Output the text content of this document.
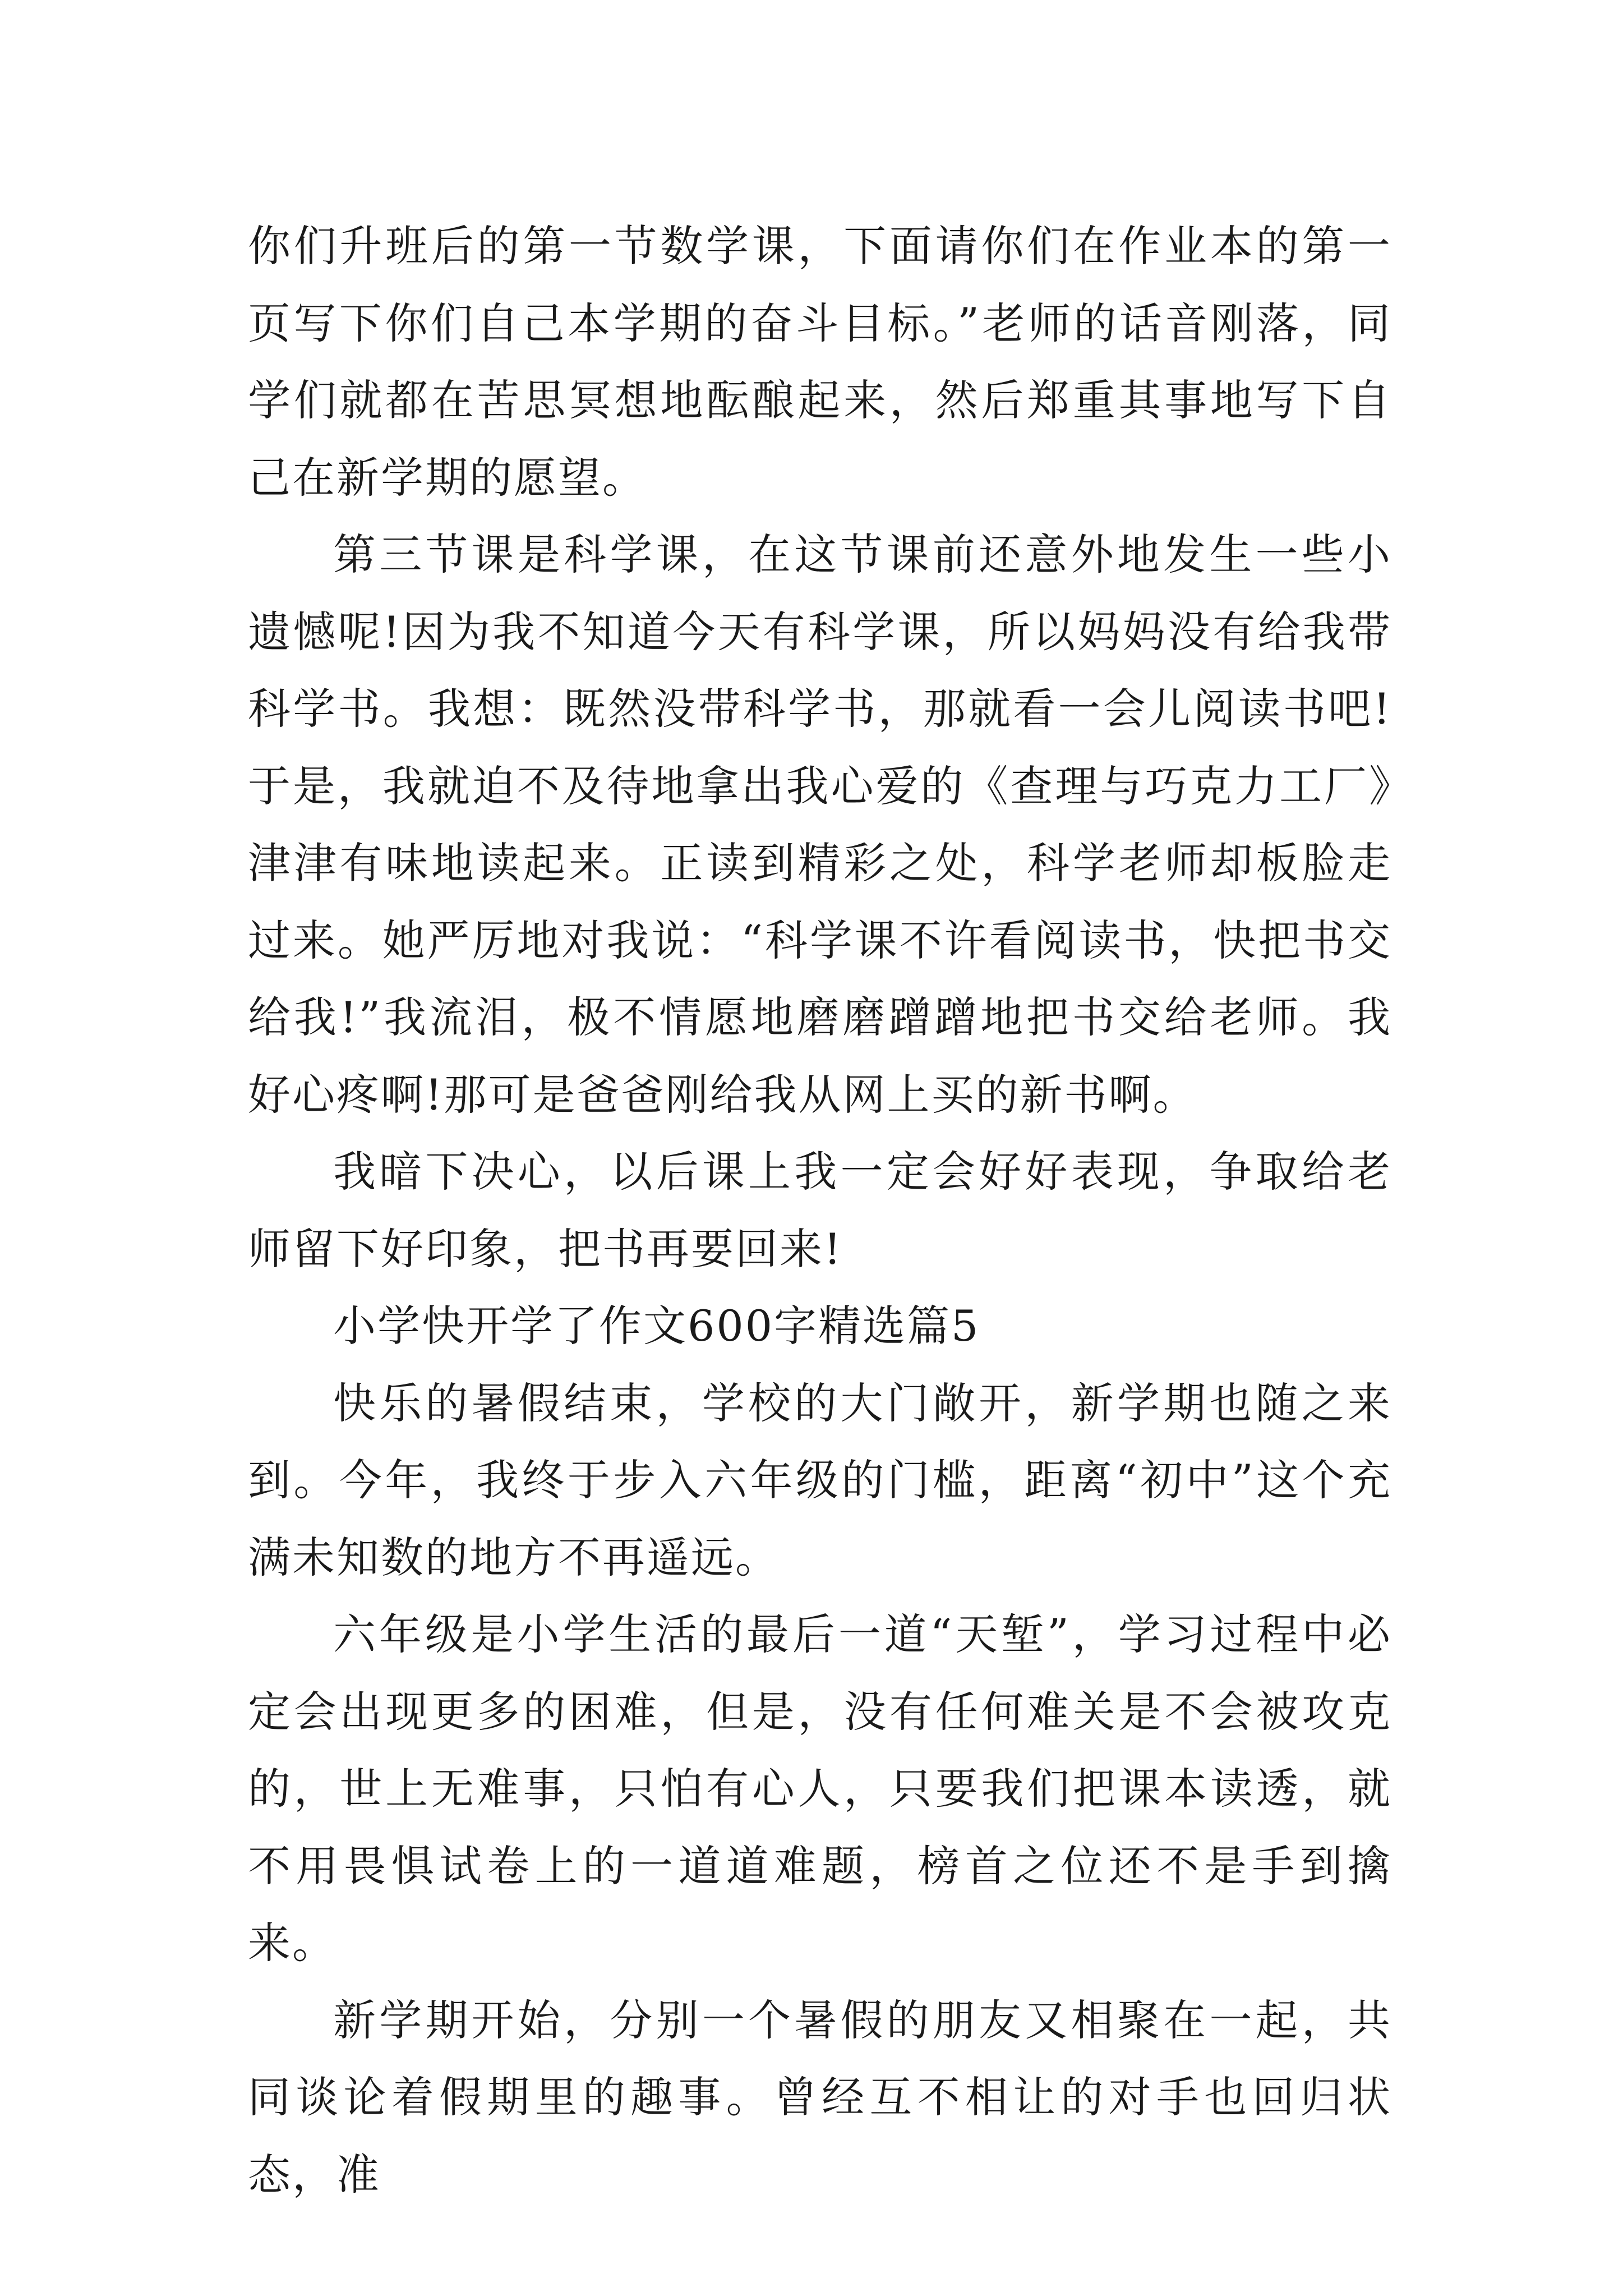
你们升班后的第一节数学课，下面请你们在作业本的第一页写下你们自己本学期的奋斗目标。”老师的话音刚落，同学们就都在苦思冥想地酝酿起来，然后郑重其事地写下自己在新学期的愿望。

第三节课是科学课，在这节课前还意外地发生一些小遗憾呢!因为我不知道今天有科学课，所以妈妈没有给我带科学书。我想：既然没带科学书，那就看一会儿阅读书吧!于是，我就迫不及待地拿出我心爱的《查理与巧克力工厂》津津有味地读起来。正读到精彩之处，科学老师却板脸走过来。她严厉地对我说：“科学课不许看阅读书，快把书交给我!”我流泪，极不情愿地磨磨蹭蹭地把书交给老师。我好心疼啊!那可是爸爸刚给我从网上买的新书啊。

我暗下决心，以后课上我一定会好好表现，争取给老师留下好印象，把书再要回来!

小学快开学了作文600字精选篇5

快乐的暑假结束，学校的大门敞开，新学期也随之来到。今年，我终于步入六年级的门槛，距离“初中”这个充满未知数的地方不再遥远。

六年级是小学生活的最后一道“天堑”，学习过程中必定会出现更多的困难，但是，没有任何难关是不会被攻克的，世上无难事，只怕有心人，只要我们把课本读透，就不用畏惧试卷上的一道道难题，榜首之位还不是手到擒来。

新学期开始，分别一个暑假的朋友又相聚在一起，共同谈论着假期里的趣事。曾经互不相让的对手也回归状态，准
